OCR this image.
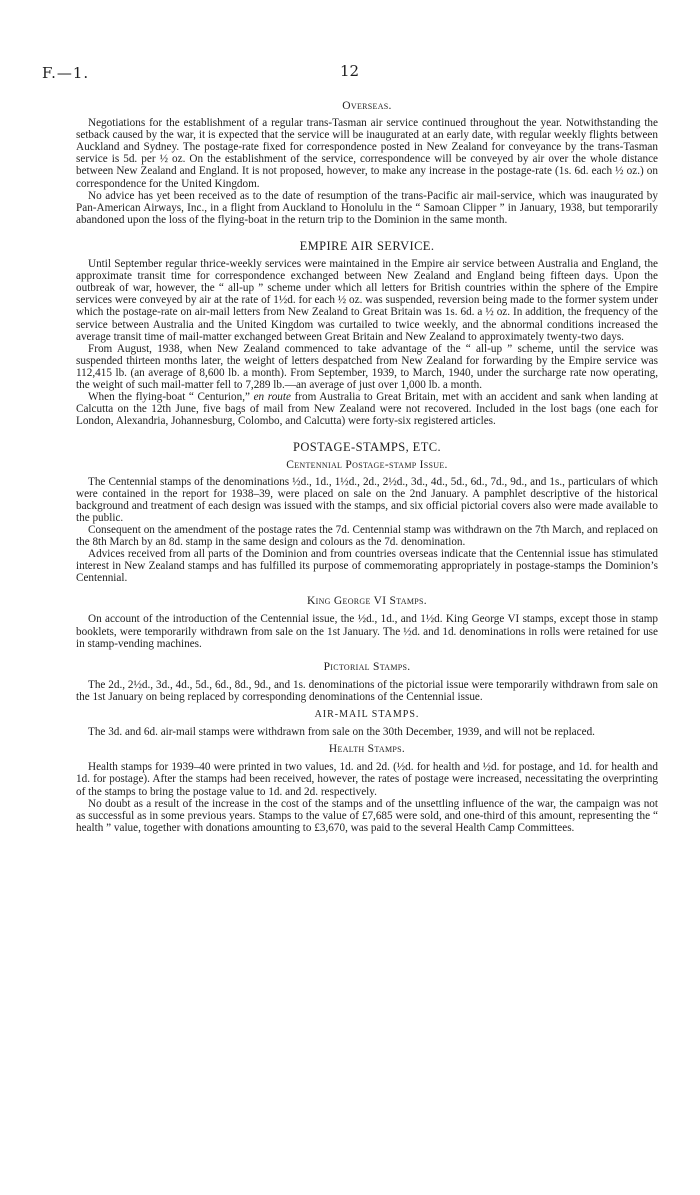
F.—1.	12
Overseas.

Negotiations for the establishment of a regular trans-Tasman air service continued throughout the year. Notwithstanding the setback caused by the war, it is expected that the service will be inaugurated at an early date, with regular weekly flights between Auckland and Sydney. The postage-rate fixed for correspondence posted in New Zealand for conveyance by the trans-Tasman service is 5d. per ½ oz. On the establishment of the service, correspondence will be conveyed by air over the whole distance between New Zealand and England. It is not proposed, however, to make any increase in the postage-rate (1s. 6d. each ½ oz.) on correspondence for the United Kingdom.

No advice has yet been received as to the date of resumption of the trans-Pacific air mail-service, which was inaugurated by Pan-American Airways, Inc., in a flight from Auckland to Honolulu in the “ Samoan Clipper ” in January, 1938, but temporarily abandoned upon the loss of the flying-boat in the return trip to the Dominion in the same month.

EMPIRE AIR SERVICE.

Until September regular thrice-weekly services were maintained in the Empire air service between Australia and England, the approximate transit time for correspondence exchanged between New Zealand and England being fifteen days. Upon the outbreak of war, however, the “ all-up ” scheme under which all letters for British countries within the sphere of the Empire services were conveyed by air at the rate of 1½d. for each ½ oz. was suspended, reversion being made to the former system under which the postage-rate on air-mail letters from New Zealand to Great Britain was 1s. 6d. a ½ oz. In addition, the frequency of the service between Australia and the United Kingdom was curtailed to twice weekly, and the abnormal conditions increased the average transit time of mail-matter exchanged between Great Britain and New Zealand to approximately twenty-two days.

From August, 1938, when New Zealand commenced to take advantage of the “ all-up ” scheme, until the service was suspended thirteen months later, the weight of letters despatched from New Zealand for forwarding by the Empire service was 112,415 lb. (an average of 8,600 lb. a month). From September, 1939, to March, 1940, under the surcharge rate now operating, the weight of such mail-matter fell to 7,289 lb.—an average of just over 1,000 lb. a month.

When the flying-boat “ Centurion,” en route from Australia to Great Britain, met with an accident and sank when landing at Calcutta on the 12th June, five bags of mail from New Zealand were not recovered. Included in the lost bags (one each for London, Alexandria, Johannesburg, Colombo, and Calcutta) were forty-six registered articles.

POSTAGE-STAMPS, ETC.
Centennial Postage-stamp Issue.

The Centennial stamps of the denominations ½d., 1d., 1½d., 2d., 2½d., 3d., 4d., 5d., 6d., 7d., 9d., and 1s., particulars of which were contained in the report for 1938–39, were placed on sale on the 2nd January. A pamphlet descriptive of the historical background and treatment of each design was issued with the stamps, and six official pictorial covers also were made available to the public.

Consequent on the amendment of the postage rates the 7d. Centennial stamp was withdrawn on the 7th March, and replaced on the 8th March by an 8d. stamp in the same design and colours as the 7d. denomination.

Advices received from all parts of the Dominion and from countries overseas indicate that the Centennial issue has stimulated interest in New Zealand stamps and has fulfilled its purpose of commemorating appropriately in postage-stamps the Dominion’s Centennial.

King George VI Stamps.

On account of the introduction of the Centennial issue, the ½d., 1d., and 1½d. King George VI stamps, except those in stamp booklets, were temporarily withdrawn from sale on the 1st January. The ½d. and 1d. denominations in rolls were retained for use in stamp-vending machines.

Pictorial Stamps.

The 2d., 2½d., 3d., 4d., 5d., 6d., 8d., 9d., and 1s. denominations of the pictorial issue were temporarily withdrawn from sale on the 1st January on being replaced by corresponding denominations of the Centennial issue.

AIR-MAIL STAMPS.

The 3d. and 6d. air-mail stamps were withdrawn from sale on the 30th December, 1939, and will not be replaced.

Health Stamps.

Health stamps for 1939–40 were printed in two values, 1d. and 2d. (½d. for health and ½d. for postage, and 1d. for health and 1d. for postage). After the stamps had been received, however, the rates of postage were increased, necessitating the overprinting of the stamps to bring the postage value to 1d. and 2d. respectively.

No doubt as a result of the increase in the cost of the stamps and of the unsettling influence of the war, the campaign was not as successful as in some previous years. Stamps to the value of £7,685 were sold, and one-third of this amount, representing the “ health ” value, together with donations amounting to £3,670, was paid to the several Health Camp Committees.
